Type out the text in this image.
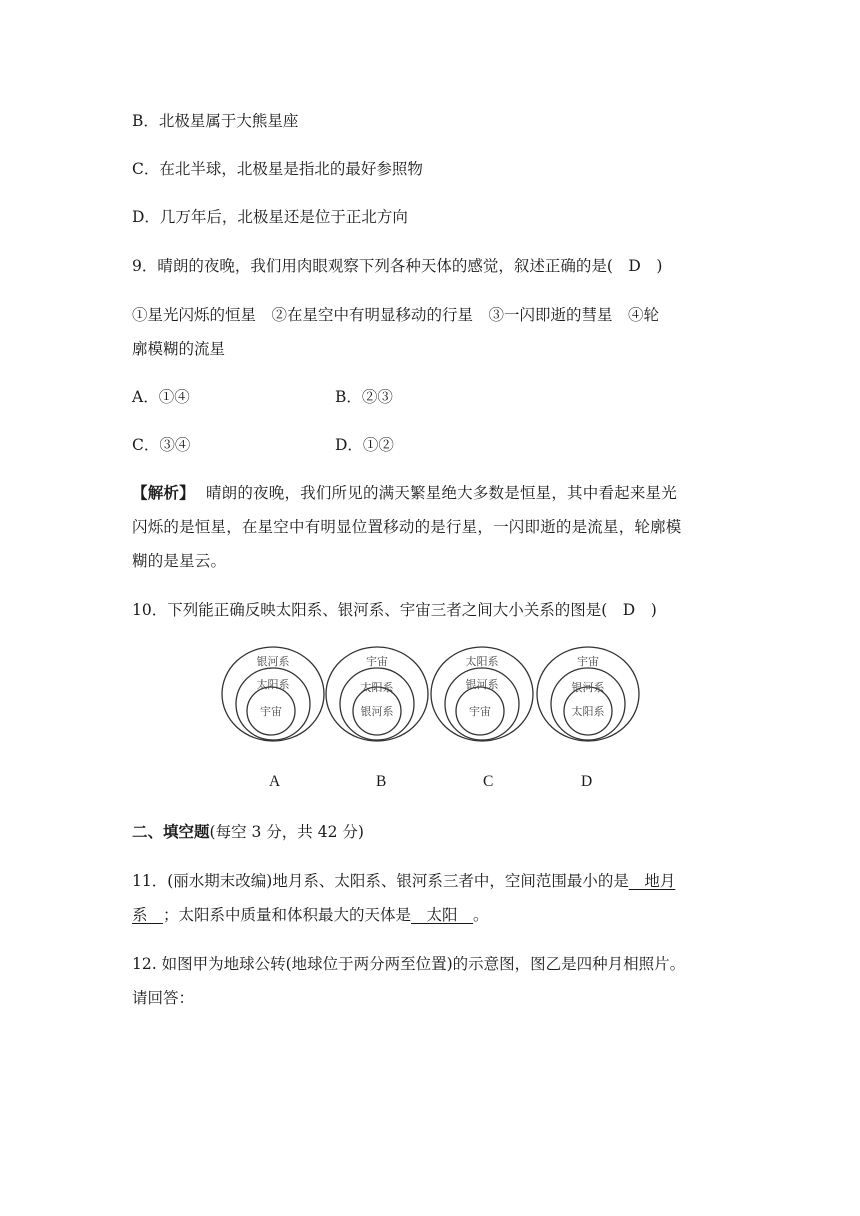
B．北极星属于大熊星座
C．在北半球，北极星是指北的最好参照物
D．几万年后，北极星还是位于正北方向
9．晴朗的夜晚，我们用肉眼观察下列各种天体的感觉，叙述正确的是(　D　)
①星光闪烁的恒星　②在星空中有明显移动的行星　③一闪即逝的彗星　④轮
廓模糊的流星
A．①④	B．②③
C．③④	D．①②
【解析】 晴朗的夜晚，我们所见的满天繁星绝大多数是恒星，其中看起来星光
闪烁的是恒星，在星空中有明显位置移动的是行星，一闪即逝的是流星，轮廓模
糊的是星云。
10．下列能正确反映太阳系、银河系、宇宙三者之间大小关系的图是(　D　)
银河系
太阳系
宇宙
宇宙
太阳系
银河系
太阳系
银河系
宇宙
宇宙
银河系
太阳系
A	B	C	D
二、填空题(每空 3 分，共 42 分)
11．(丽水期末改编)地月系、太阳系、银河系三者中，空间范围最小的是__地月
系__；太阳系中质量和体积最大的天体是__太阳__。
12. 如图甲为地球公转(地球位于两分两至位置)的示意图，图乙是四种月相照片。
请回答：
